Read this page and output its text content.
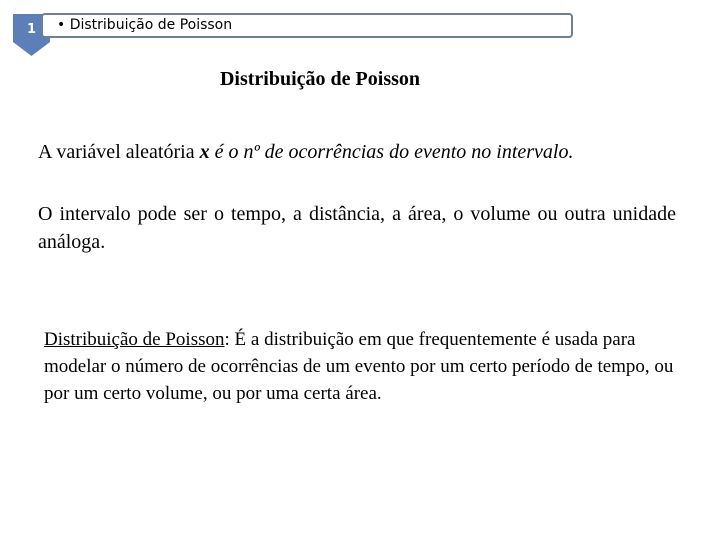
1	• Distribuição de Poisson
Distribuição de Poisson
A variável aleatória x é o nº de ocorrências do evento no intervalo.
O intervalo pode ser o tempo, a distância, a área, o volume ou outra unidade análoga.
Distribuição de Poisson: É a distribuição em que frequentemente é usada para modelar o número de ocorrências de um evento por um certo período de tempo, ou por um certo volume, ou por uma certa área.
